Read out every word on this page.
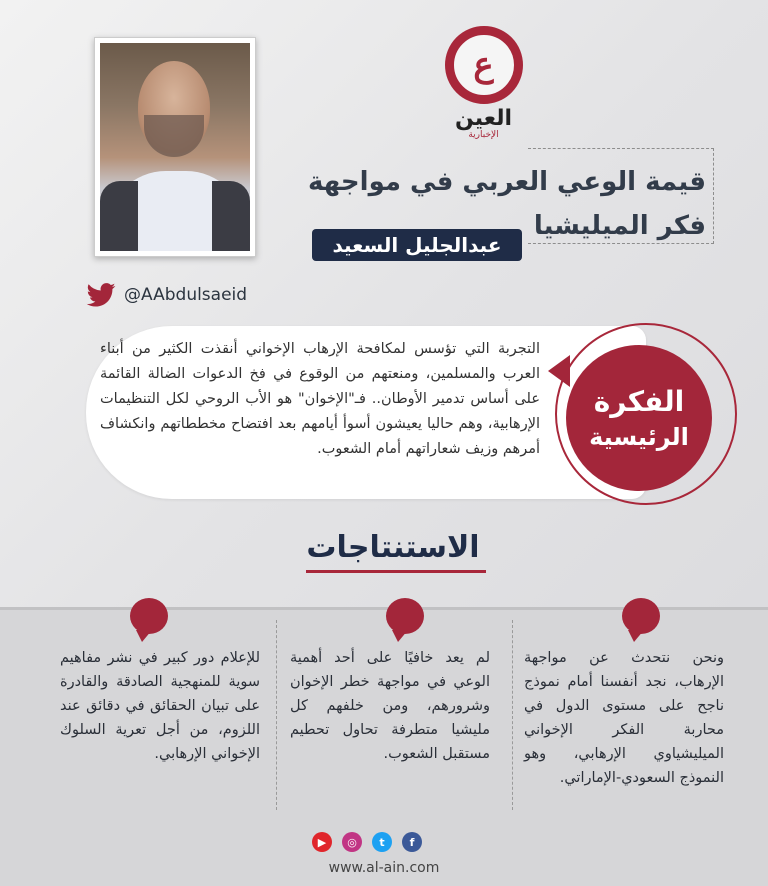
ع
العين
الإخبارية
قيمة الوعي العربي في مواجهة
فكر الميليشيا
عبدالجليل السعيد
@AAbdulsaeid
التجربة التي تؤسس لمكافحة الإرهاب الإخواني أنقذت الكثير من أبناء العرب والمسلمين، ومنعتهم من الوقوع في فخ الدعوات الضالة القائمة على أساس تدمير الأوطان.. فـ"الإخوان" هو الأب الروحي لكل التنظيمات الإرهابية، وهم حاليا يعيشون أسوأ أيامهم بعد افتضاح مخططاتهم وانكشاف أمرهم وزيف شعاراتهم أمام الشعوب.
الفكرة
الرئيسية
الاستنتاجات
ونحن نتحدث عن مواجهة الإرهاب، نجد أنفسنا أمام نموذج ناجح على مستوى الدول في محاربة الفكر الإخواني الميليشياوي الإرهابي، وهو النموذج السعودي-الإماراتي.
لم يعد خافيًا على أحد أهمية الوعي في مواجهة خطر الإخوان وشرورهم، ومن خلفهم كل مليشيا متطرفة تحاول تحطيم مستقبل الشعوب.
للإعلام دور كبير في نشر مفاهيم سوية للمنهجية الصادقة والقادرة على تبيان الحقائق في دقائق عند اللزوم، من أجل تعرية السلوك الإخواني الإرهابي.
▶	◎	t	f
www.al-ain.com
